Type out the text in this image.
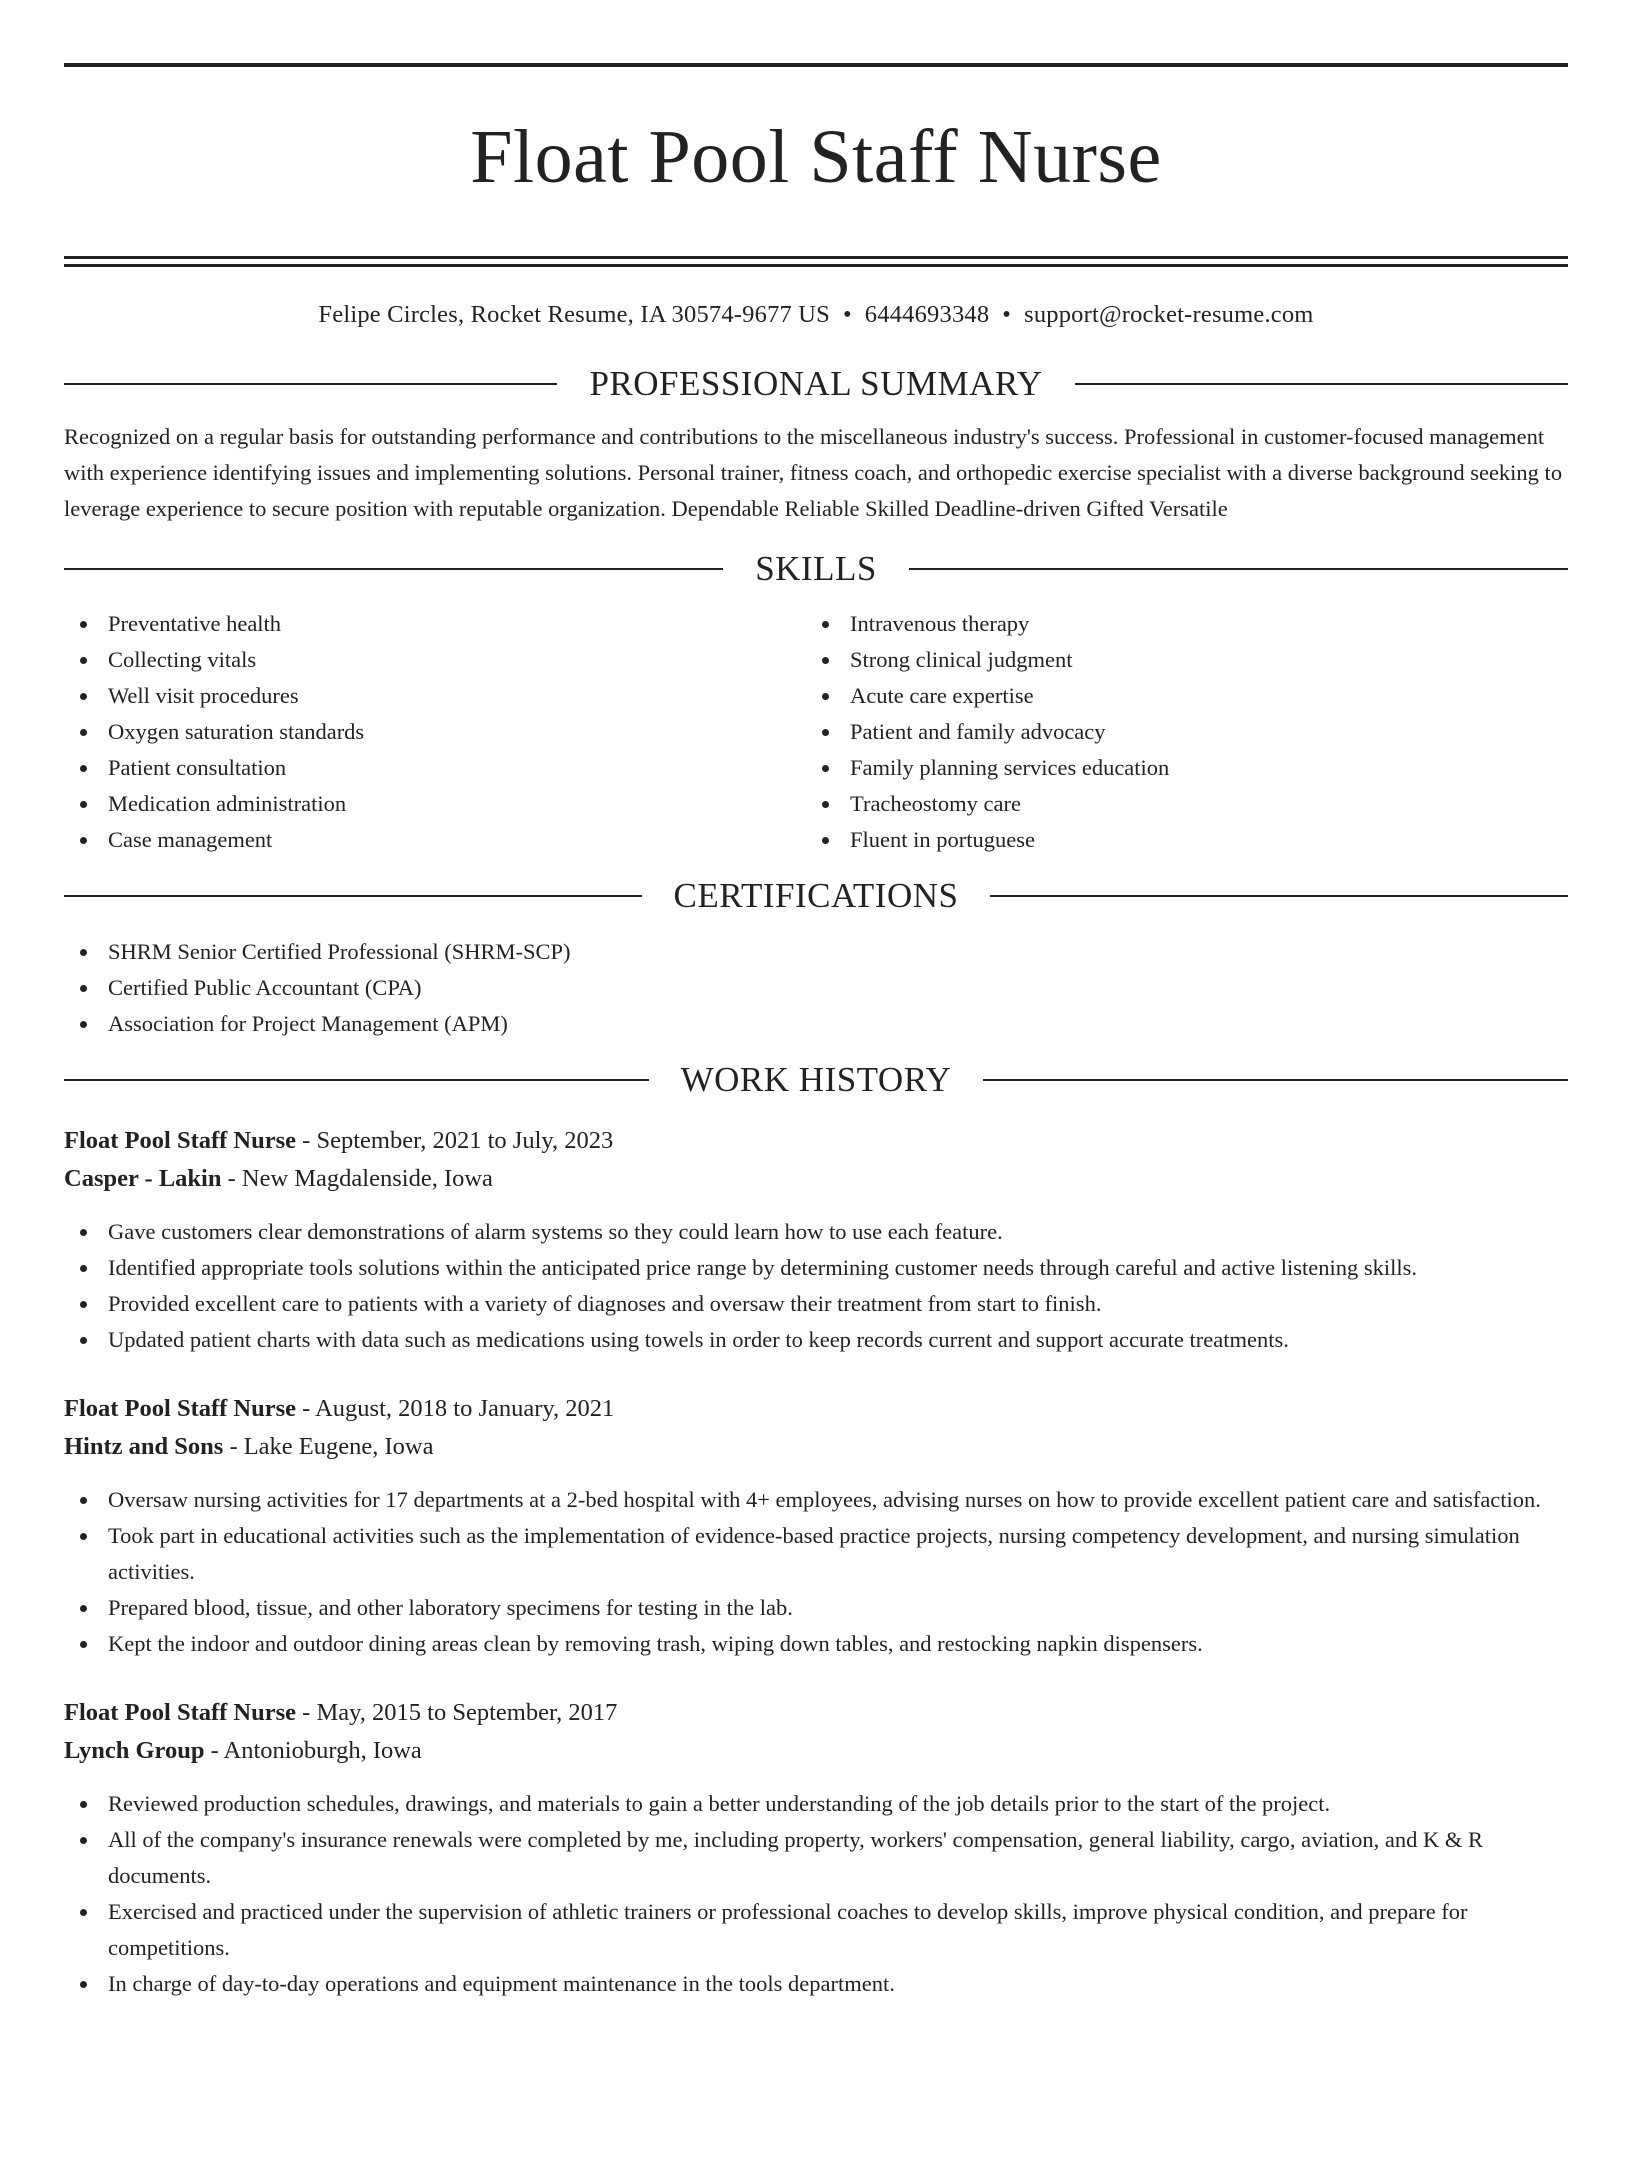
Float Pool Staff Nurse
Felipe Circles, Rocket Resume, IA 30574-9677 US • 6444693348 • support@rocket-resume.com
PROFESSIONAL SUMMARY

Recognized on a regular basis for outstanding performance and contributions to the miscellaneous industry's success. Professional in customer-focused management with experience identifying issues and implementing solutions. Personal trainer, fitness coach, and orthopedic exercise specialist with a diverse background seeking to leverage experience to secure position with reputable organization. Dependable Reliable Skilled Deadline-driven Gifted Versatile

SKILLS
Preventative health
Collecting vitals
Well visit procedures
Oxygen saturation standards
Patient consultation
Medication administration
Case management
Intravenous therapy
Strong clinical judgment
Acute care expertise
Patient and family advocacy
Family planning services education
Tracheostomy care
Fluent in portuguese
CERTIFICATIONS
SHRM Senior Certified Professional (SHRM-SCP)
Certified Public Accountant (CPA)
Association for Project Management (APM)
WORK HISTORY
Float Pool Staff Nurse - September, 2021 to July, 2023
Casper - Lakin - New Magdalenside, Iowa
Gave customers clear demonstrations of alarm systems so they could learn how to use each feature.
Identified appropriate tools solutions within the anticipated price range by determining customer needs through careful and active listening skills.
Provided excellent care to patients with a variety of diagnoses and oversaw their treatment from start to finish.
Updated patient charts with data such as medications using towels in order to keep records current and support accurate treatments.
Float Pool Staff Nurse - August, 2018 to January, 2021
Hintz and Sons - Lake Eugene, Iowa
Oversaw nursing activities for 17 departments at a 2-bed hospital with 4+ employees, advising nurses on how to provide excellent patient care and satisfaction.
Took part in educational activities such as the implementation of evidence-based practice projects, nursing competency development, and nursing simulation activities.
Prepared blood, tissue, and other laboratory specimens for testing in the lab.
Kept the indoor and outdoor dining areas clean by removing trash, wiping down tables, and restocking napkin dispensers.
Float Pool Staff Nurse - May, 2015 to September, 2017
Lynch Group - Antonioburgh, Iowa
Reviewed production schedules, drawings, and materials to gain a better understanding of the job details prior to the start of the project.
All of the company's insurance renewals were completed by me, including property, workers' compensation, general liability, cargo, aviation, and K & R documents.
Exercised and practiced under the supervision of athletic trainers or professional coaches to develop skills, improve physical condition, and prepare for competitions.
In charge of day-to-day operations and equipment maintenance in the tools department.
